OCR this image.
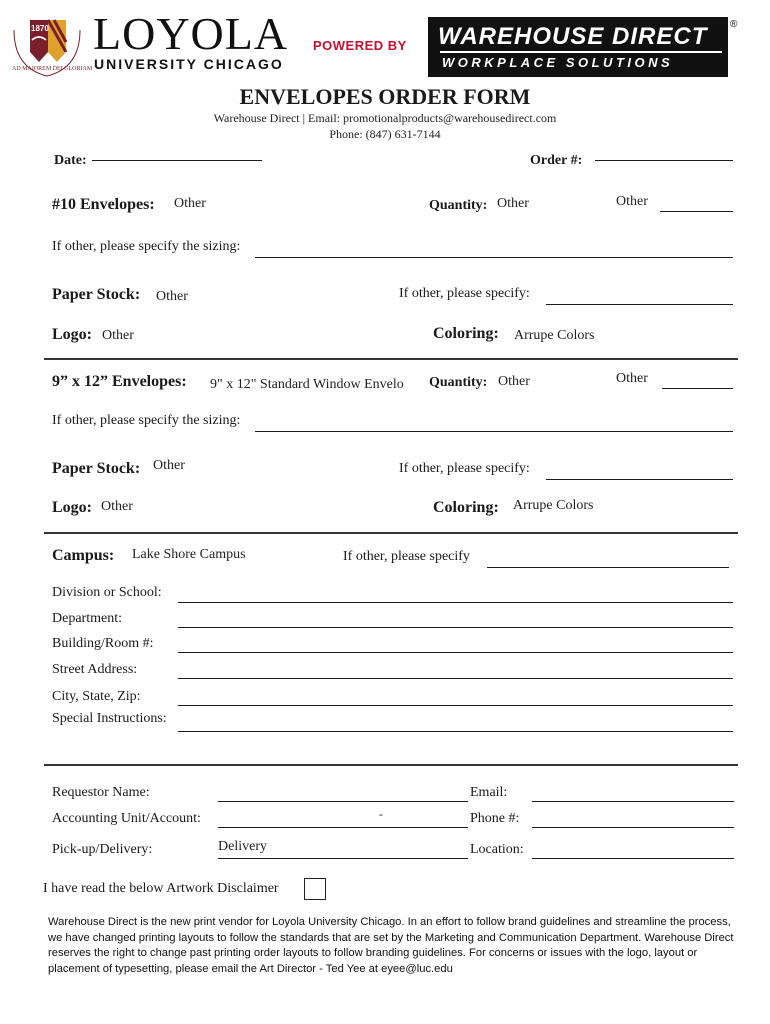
1870
AD MAIOREM DEI GLORIAM
LOYOLA
UNIVERSITY CHICAGO
POWERED BY WAREHOUSE DIRECT
WORKPLACE SOLUTIONS
®
ENVELOPES ORDER FORM
Warehouse Direct | Email: promotionalproducts@warehousedirect.com
Phone: (847) 631-7144
Date:	Order #:
#10 Envelopes: Other	Quantity: Other	Other
If other, please specify the sizing:
Paper Stock: Other	If other, please specify:
Logo: Other	Coloring: Arrupe Colors
9” x 12” Envelopes: 9" x 12" Standard Window Envelo	Quantity: Other	Other
If other, please specify the sizing:
Paper Stock: Other	If other, please specify:
Logo: Other	Coloring: Arrupe Colors
Campus: Lake Shore Campus	If other, please specify
Division or School:
Department:
Building/Room #:
Street Address:
City, State, Zip:
Special Instructions:
Requestor Name:	Email:
Accounting Unit/Account:	-	Phone #:
Pick-up/Delivery:	Delivery	Location:
I have read the below Artwork Disclaimer
Warehouse Direct is the new print vendor for Loyola University Chicago. In an effort to follow brand guidelines and streamline the process, we have changed printing layouts to follow the standards that are set by the Marketing and Communication Department. Warehouse Direct reserves the right to change past printing order layouts to follow branding guidelines. For concerns or issues with the logo, layout or placement of typesetting, please email the Art Director - Ted Yee at eyee@luc.edu
